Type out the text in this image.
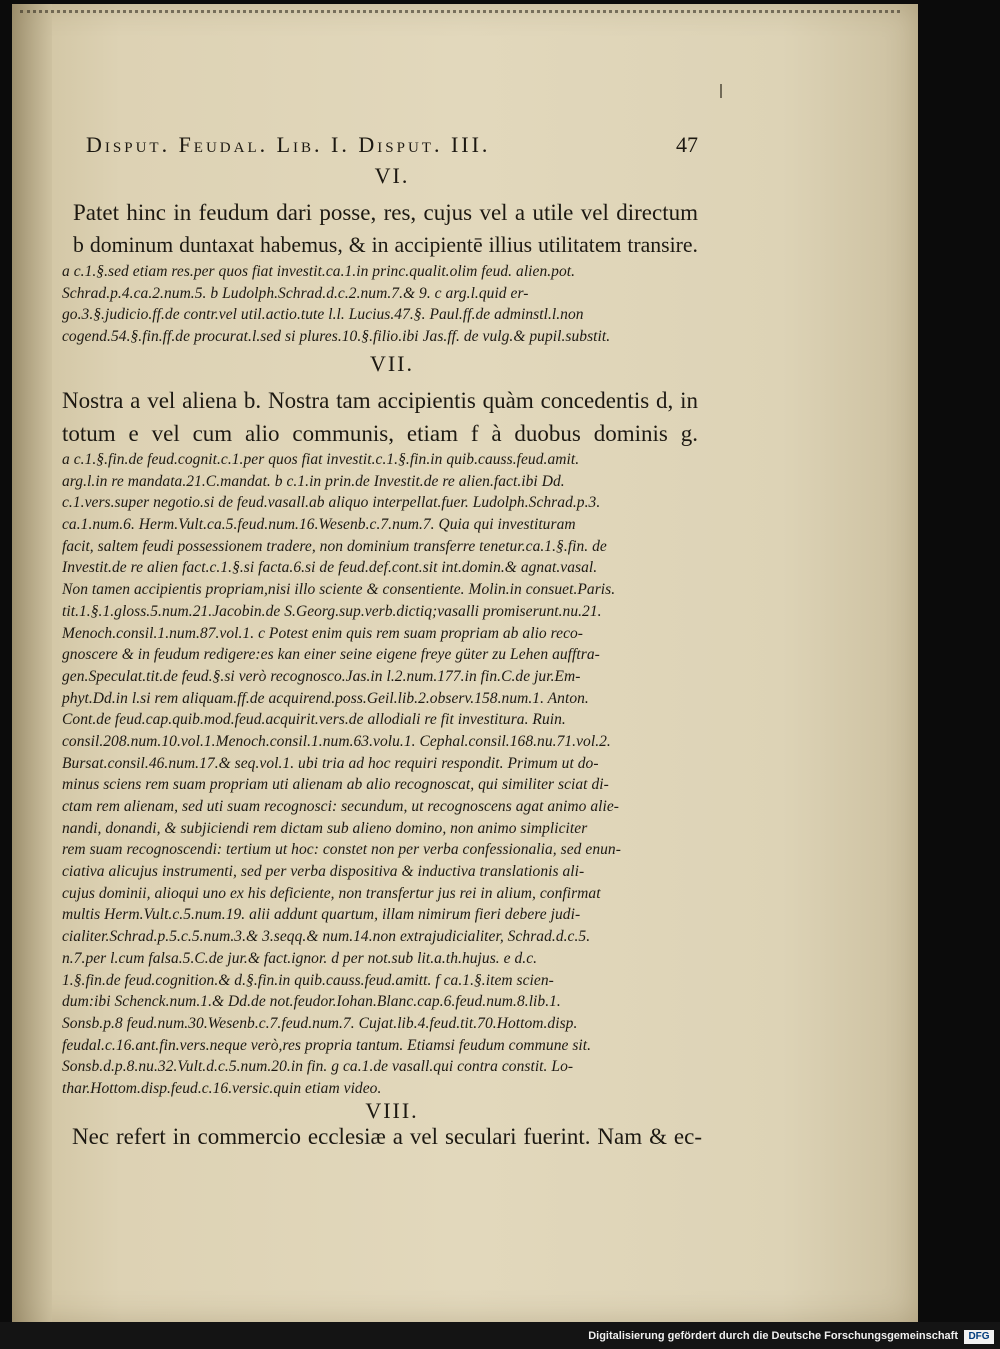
Disput. Feudal. Lib. I. Disput. III.	47
VI.
Patet hinc in feudum dari posse, res, cujus vel a utile vel directum
b dominum duntaxat habemus, & in accipientē illius utilitatem transire.
a c.1.§.sed etiam res.per quos fiat investit.ca.1.in princ.qualit.olim feud. alien.pot.
Schrad.p.4.ca.2.num.5. b Ludolph.Schrad.d.c.2.num.7.& 9. c arg.l.quid er-
go.3.§.judicio.ff.de contr.vel util.actio.tute l.l. Lucius.47.§. Paul.ff.de adminstl.l.non
cogend.54.§.fin.ff.de procurat.l.sed si plures.10.§.filio.ibi Jas.ff. de vulg.& pupil.substit.
VII.
Nostra a vel aliena b. Nostra tam accipientis quàm concedentis d, in
totum e vel cum alio communis, etiam f à duobus dominis g.
a c.1.§.fin.de feud.cognit.c.1.per quos fiat investit.c.1.§.fin.in quib.causs.feud.amit.
arg.l.in re mandata.21.C.mandat. b c.1.in prin.de Investit.de re alien.fact.ibi Dd.
c.1.vers.super negotio.si de feud.vasall.ab aliquo interpellat.fuer. Ludolph.Schrad.p.3.
ca.1.num.6. Herm.Vult.ca.5.feud.num.16.Wesenb.c.7.num.7. Quia qui investituram
facit, saltem feudi possessionem tradere, non dominium transferre tenetur.ca.1.§.fin. de
Investit.de re alien fact.c.1.§.si facta.6.si de feud.def.cont.sit int.domin.& agnat.vasal.
Non tamen accipientis propriam,nisi illo sciente & consentiente. Molin.in consuet.Paris.
tit.1.§.1.gloss.5.num.21.Jacobin.de S.Georg.sup.verb.dictiq;vasalli promiserunt.nu.21.
Menoch.consil.1.num.87.vol.1. c Potest enim quis rem suam propriam ab alio reco-
gnoscere & in feudum redigere:es kan einer seine eigene freye güter zu Lehen aufftra-
gen.Speculat.tit.de feud.§.si verò recognosco.Jas.in l.2.num.177.in fin.C.de jur.Em-
phyt.Dd.in l.si rem aliquam.ff.de acquirend.poss.Geil.lib.2.observ.158.num.1. Anton.
Cont.de feud.cap.quib.mod.feud.acquirit.vers.de allodiali re fit investitura. Ruin.
consil.208.num.10.vol.1.Menoch.consil.1.num.63.volu.1. Cephal.consil.168.nu.71.vol.2.
Bursat.consil.46.num.17.& seq.vol.1. ubi tria ad hoc requiri respondit. Primum ut do-
minus sciens rem suam propriam uti alienam ab alio recognoscat, qui similiter sciat di-
ctam rem alienam, sed uti suam recognosci: secundum, ut recognoscens agat animo alie-
nandi, donandi, & subjiciendi rem dictam sub alieno domino, non animo simpliciter
rem suam recognoscendi: tertium ut hoc: constet non per verba confessionalia, sed enun-
ciativa alicujus instrumenti, sed per verba dispositiva & inductiva translationis ali-
cujus dominii, alioqui uno ex his deficiente, non transfertur jus rei in alium, confirmat
multis Herm.Vult.c.5.num.19. alii addunt quartum, illam nimirum fieri debere judi-
cialiter.Schrad.p.5.c.5.num.3.& 3.seqq.& num.14.non extrajudicialiter, Schrad.d.c.5.
n.7.per l.cum falsa.5.C.de jur.& fact.ignor. d per not.sub lit.a.th.hujus. e d.c.
1.§.fin.de feud.cognition.& d.§.fin.in quib.causs.feud.amitt. f ca.1.§.item scien-
dum:ibi Schenck.num.1.& Dd.de not.feudor.Iohan.Blanc.cap.6.feud.num.8.lib.1.
Sonsb.p.8 feud.num.30.Wesenb.c.7.feud.num.7. Cujat.lib.4.feud.tit.70.Hottom.disp.
feudal.c.16.ant.fin.vers.neque verò,res propria tantum. Etiamsi feudum commune sit.
Sonsb.d.p.8.nu.32.Vult.d.c.5.num.20.in fin. g ca.1.de vasall.qui contra constit. Lo-
thar.Hottom.disp.feud.c.16.versic.quin etiam video.
VIII.
Nec refert in commercio ecclesiæ a vel seculari fuerint. Nam & ec-
Digitalisierung gefördert durch die Deutsche Forschungsgemeinschaft	DFG
